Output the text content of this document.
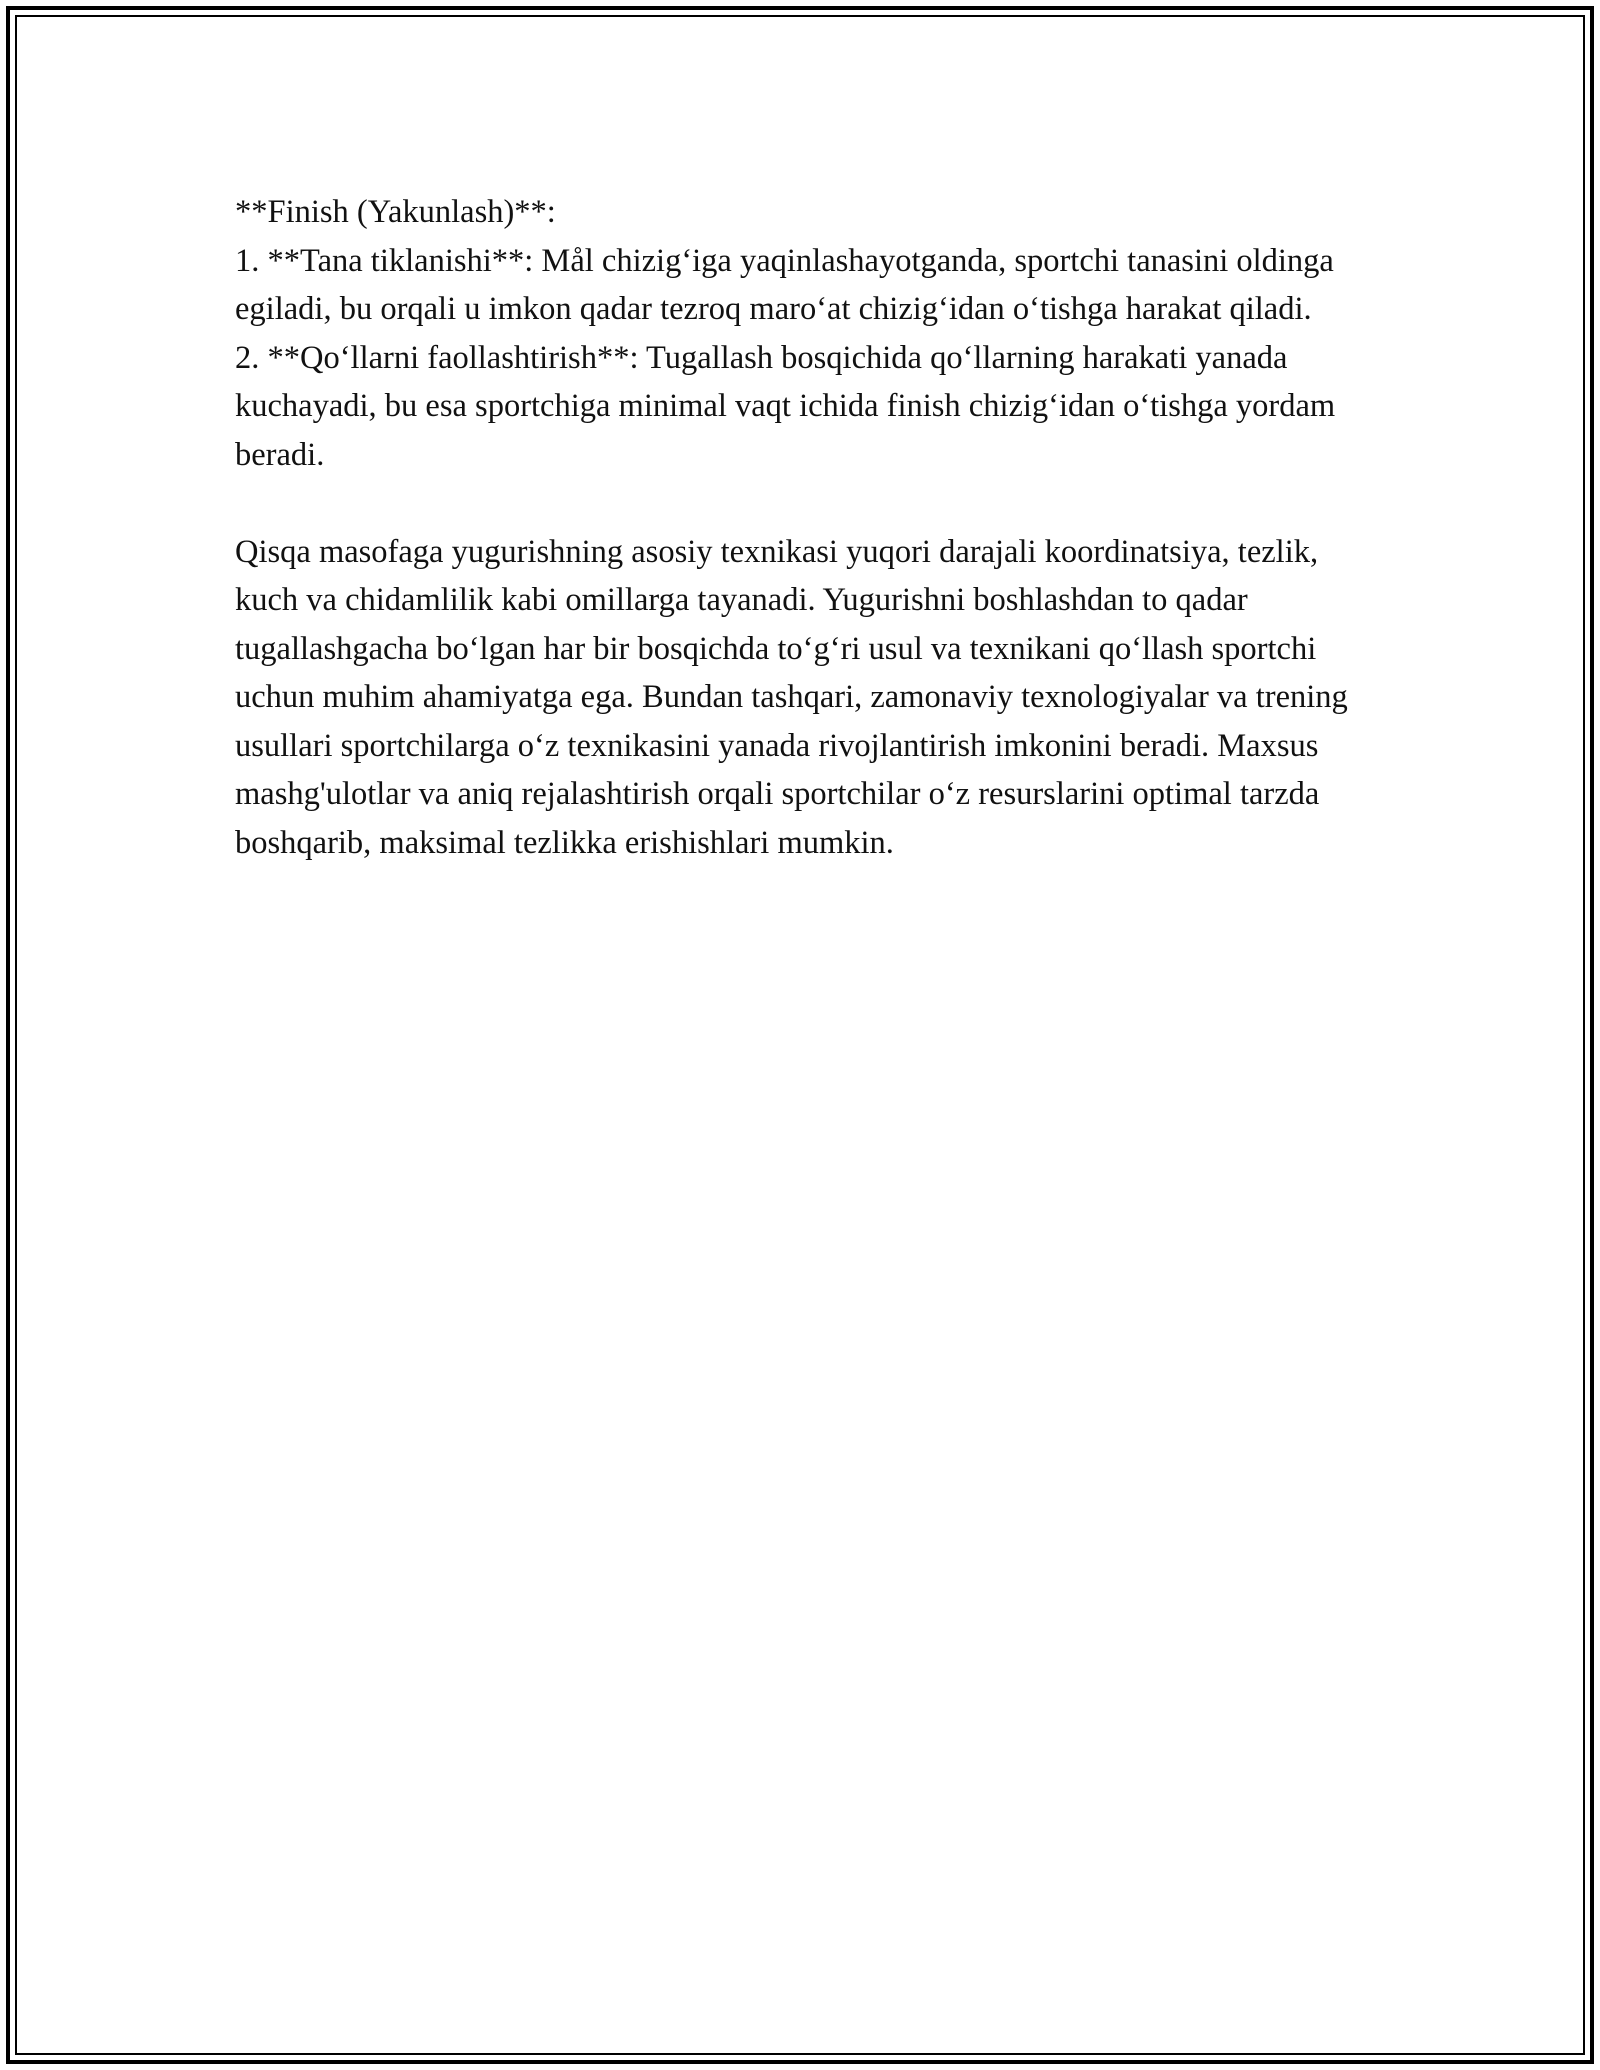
**Finish (Yakunlash)**:

1. **Tana tiklanishi**: Mål chizig‘iga yaqinlashayotganda, sportchi tanasini oldinga egiladi, bu orqali u imkon qadar tezroq maro‘at chizig‘idan o‘tishga harakat qiladi.

2. **Qo‘llarni faollashtirish**: Tugallash bosqichida qo‘llarning harakati yanada kuchayadi, bu esa sportchiga minimal vaqt ichida finish chizig‘idan o‘tishga yordam beradi.

Qisqa masofaga yugurishning asosiy texnikasi yuqori darajali koordinatsiya, tezlik, kuch va chidamlilik kabi omillarga tayanadi. Yugurishni boshlashdan to qadar tugallashgacha bo‘lgan har bir bosqichda to‘g‘ri usul va texnikani qo‘llash sportchi uchun muhim ahamiyatga ega. Bundan tashqari, zamonaviy texnologiyalar va trening usullari sportchilarga o‘z texnikasini yanada rivojlantirish imkonini beradi. Maxsus mashg'ulotlar va aniq rejalashtirish orqali sportchilar o‘z resurslarini optimal tarzda boshqarib, maksimal tezlikka erishishlari mumkin.
